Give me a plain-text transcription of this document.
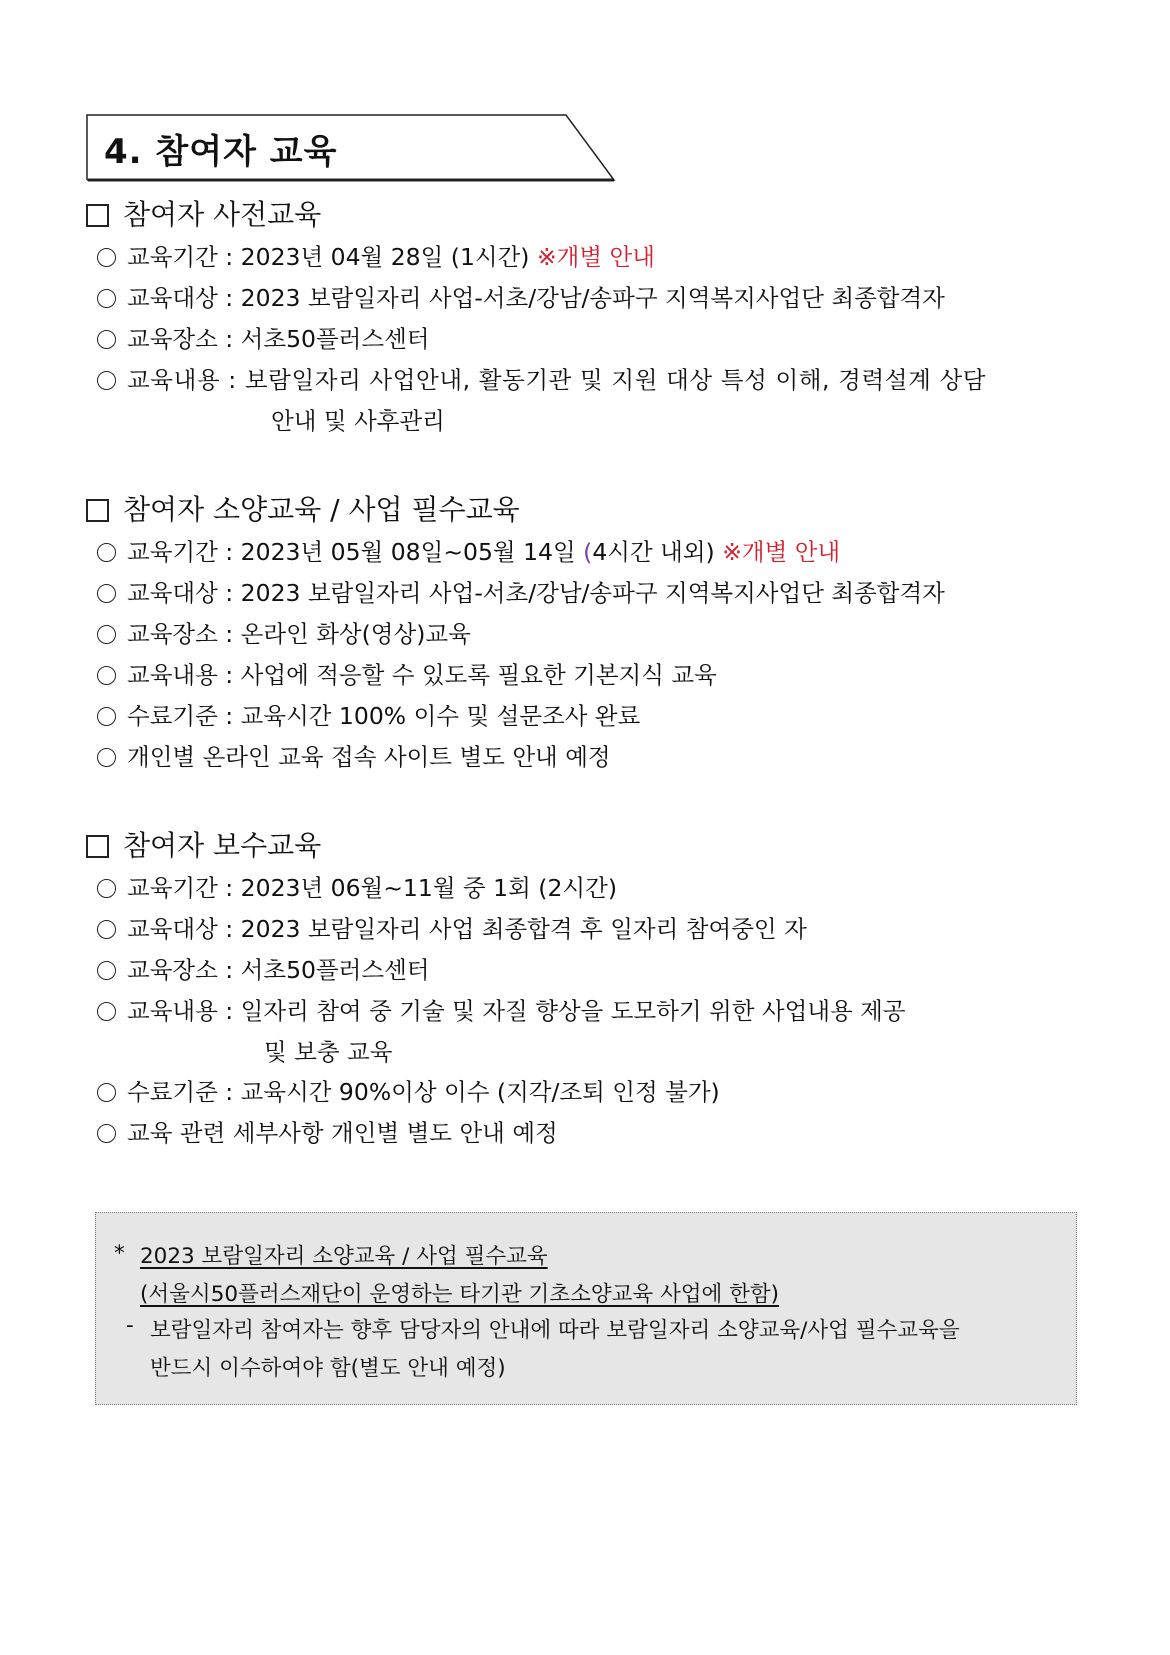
4. 참여자 교육
참여자 사전교육
교육기간 : 2023년 04월 28일 (1시간) ※개별 안내
교육대상 : 2023 보람일자리 사업-서초/강남/송파구 지역복지사업단 최종합격자
교육장소 : 서초50플러스센터
교육내용 : 보람일자리 사업안내, 활동기관 및 지원 대상 특성 이해, 경력설계 상담
안내 및 사후관리
참여자 소양교육 / 사업 필수교육
교육기간 : 2023년 05월 08일~05월 14일 (4시간 내외) ※개별 안내
교육대상 : 2023 보람일자리 사업-서초/강남/송파구 지역복지사업단 최종합격자
교육장소 : 온라인 화상(영상)교육
교육내용 : 사업에 적응할 수 있도록 필요한 기본지식 교육
수료기준 : 교육시간 100% 이수 및 설문조사 완료
개인별 온라인 교육 접속 사이트 별도 안내 예정
참여자 보수교육
교육기간 : 2023년 06월~11월 중 1회 (2시간)
교육대상 : 2023 보람일자리 사업 최종합격 후 일자리 참여중인 자
교육장소 : 서초50플러스센터
교육내용 : 일자리 참여 중 기술 및 자질 향상을 도모하기 위한 사업내용 제공
및 보충 교육
수료기준 : 교육시간 90%이상 이수 (지각/조퇴 인정 불가)
교육 관련 세부사항 개인별 별도 안내 예정
* 2023 보람일자리 소양교육 / 사업 필수교육
(서울시50플러스재단이 운영하는 타기관 기초소양교육 사업에 한함)
- 보람일자리 참여자는 향후 담당자의 안내에 따라 보람일자리 소양교육/사업 필수교육을
반드시 이수하여야 함(별도 안내 예정)
